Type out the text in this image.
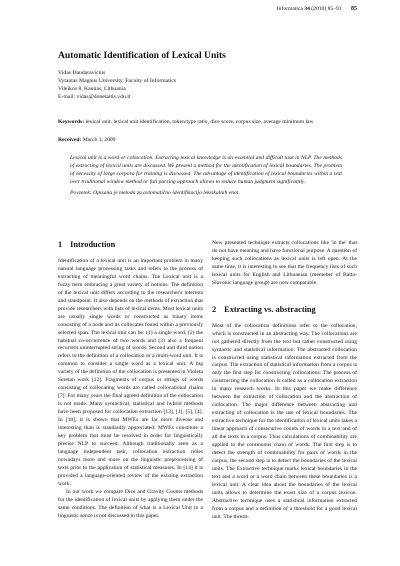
Informatica 34 (2010) 85–91 85
Automatic Identification of Lexical Units
Vidas Daudaravicius
Vytautas Magnus University, Faculty of Informatics
Vileikos 8, Kaunas, Lithuania
E-mail: vidas@donelaitis.vdu.lt
Keywords: lexical unit, lexical unit identification, token/type ratio, dice score, corpus size, average minimum law
Received: March 3, 2009

Lexical unit is a word or collocation. Extracting lexical knowledge is an essential and difficult task in NLP. The methods of extracting of lexical units are discussed. We present a method for the identification of lexical boundaries. The problem of necessity of large corpora for training is discussed. The advantage of identification of lexical boundaries within a text over traditional window method or full parsing approach allows to reduce human judgment significantly.

Povzetek: Opisana je metoda za avtomatično identifikacijo leksikalnih enot.

1 Introduction

Identification of a lexical unit is an important problem in many natural language processing tasks and refers to the process of extracting of meaningful word chains. The Lexical unit is a fuzzy term embracing a great variety of notions. The definition of the lexical unit differs according to the researcher's interests and standpoint. It also depends on the methods of extraction that provide researchers with lists of lexical items. Most lexical units are usually single words or constructed as binary items consisting of a node and its collocates found within a previously selected span. The lexical unit can be: (1) a single word, (2) the habitual co-occurrence of two words and (3) also a frequent recurrent uninterrupted string of words. Second and third notion refers to the definition of a collocation or a multi-word unit. It is common to consider a single word as a lexical unit. A big variety of the definition of the collocation is presented in Violeta Seretan work [12]. Fragments of corpus or strings of words consisting of collocating words are called collocational chains [7]. For many years the final agreed definition of the collocation is not made. Many syntactical, statistical and hybrid methods have been proposed for collocation extraction [13], [1], [5], [4]. In [10], it is shown that MWEs are far more diverse and interesting than is standardly appreciated. MWEs constitute a key problem that must be resolved in order for linguistically precise NLP to succeed. Although traditionally seen as a language independent task, collocation extraction relies nowadays more and more on the linguistic preprocessing of texts prior to the application of statistical measures. In [14] it is provided a language-oriented review of the existing extraction work.

In our work we compare Dice and Gravity Counts methods for the identification of lexical units by applying them under the same conditions. The definition of what is a Lexical Unit in a linguistic sence is not discussed in this paper.

New presented technique extracts collocations like 'in the' that do not have meaning and have functional purpose. A question of keeping such collocations as lexical units is left open. At the same time, it is interesting to see that the frequency lists of such lexical units for English and Lithuanian (memeber of Balto-Slavonic language group) are now comparable.

2 Extracting vs. abstracting

Most of the collocation definitions refer to the collocation, which is constructed in an abstracting way. The collocations are not gathered directly from the text but rather constructed using syntactic and statistical information. The abstracted collocation is constructed using statistical information extracted from the corpus. The extraction of statistical information from a corpus is only the first step for constructing collocations. The process of constructing the collocation is called as a collocation extraction in many research works. In this paper we make difference between the extraction of collocation and the abstraction of collocation. The major difference between abstracting and extracting of collocation is the use of lexical boundaries. The extractive technique for the identification of lexical units takes a linear approach of consecutive counts of words in a text and of all the texts in a corpus. Thus calculations of combinability are applied to the continuous chain of words. The first step is to detect the strength of combinability for pairs of words in the corpus, the second step is to detect the boundaries of the lexical units. The Extractive technique marks lexical boundaries in the text and a word or a word chain between these boundaries is a lexical unit. A clear idea about the boundaries of the lexical units allows to determine the exact size of a corpus lexicon. Abstractive technique uses a statistical information extracted from a corpus and a definition of a threshold for a good lexical unit. The thresh-
